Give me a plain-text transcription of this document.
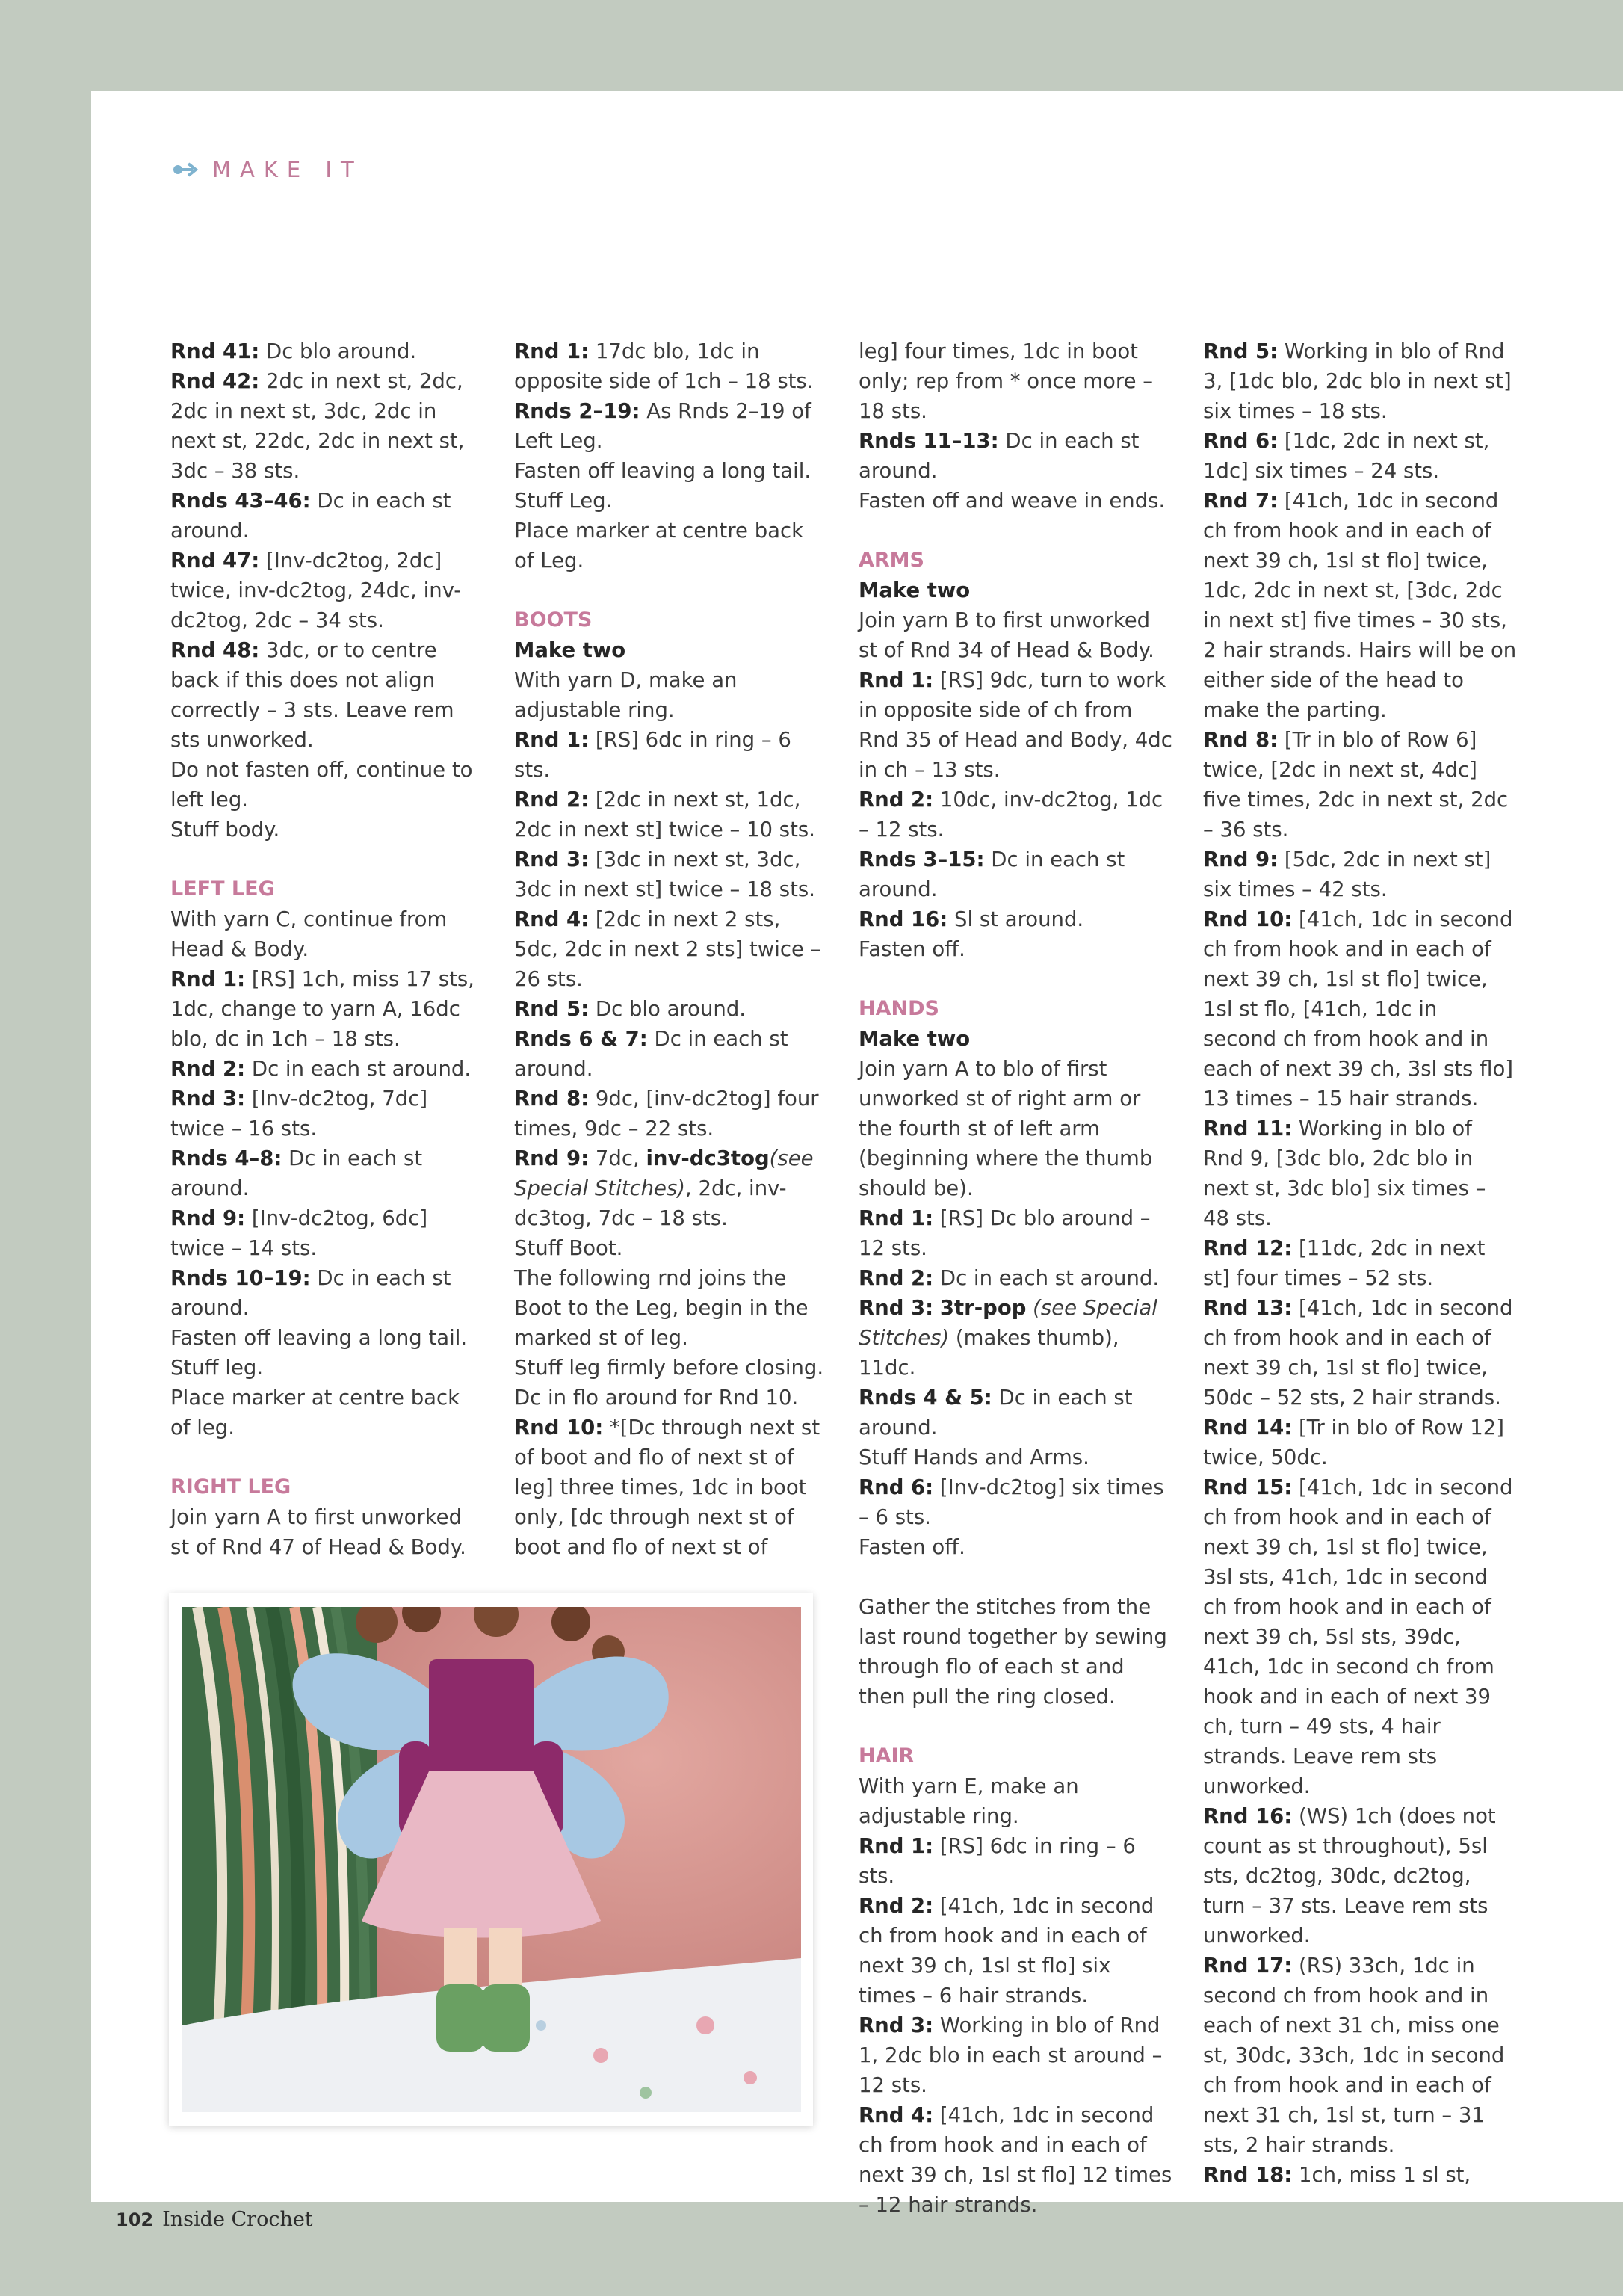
MAKE IT

Rnd 41: Dc blo around.

Rnd 42: 2dc in next st, 2dc, 2dc in next st, 3dc, 2dc in next st, 22dc, 2dc in next st, 3dc – 38 sts.

Rnds 43–46: Dc in each st around.

Rnd 47: [Inv-dc2tog, 2dc] twice, inv-dc2tog, 24dc, inv-dc2tog, 2dc – 34 sts.

Rnd 48: 3dc, or to centre back if this does not align correctly – 3 sts. Leave rem sts unworked.

Do not fasten off, continue to left leg.

Stuff body.

LEFT LEG

With yarn C, continue from Head & Body.

Rnd 1: [RS] 1ch, miss 17 sts, 1dc, change to yarn A, 16dc blo, dc in 1ch – 18 sts.

Rnd 2: Dc in each st around.

Rnd 3: [Inv-dc2tog, 7dc] twice – 16 sts.

Rnds 4–8: Dc in each st around.

Rnd 9: [Inv-dc2tog, 6dc] twice – 14 sts.

Rnds 10–19: Dc in each st around.

Fasten off leaving a long tail.

Stuff leg.

Place marker at centre back of leg.

RIGHT LEG

Join yarn A to first unworked st of Rnd 47 of Head & Body.

Rnd 1: 17dc blo, 1dc in opposite side of 1ch – 18 sts.

Rnds 2–19: As Rnds 2–19 of Left Leg.

Fasten off leaving a long tail.

Stuff Leg.

Place marker at centre back of Leg.

BOOTS

Make two

With yarn D, make an adjustable ring.

Rnd 1: [RS] 6dc in ring – 6 sts.

Rnd 2: [2dc in next st, 1dc, 2dc in next st] twice – 10 sts.

Rnd 3: [3dc in next st, 3dc, 3dc in next st] twice – 18 sts.

Rnd 4: [2dc in next 2 sts, 5dc, 2dc in next 2 sts] twice – 26 sts.

Rnd 5: Dc blo around.

Rnds 6 & 7: Dc in each st around.

Rnd 8: 9dc, [inv-dc2tog] four times, 9dc – 22 sts.

Rnd 9: 7dc, inv-dc3tog(see Special Stitches), 2dc, inv-dc3tog, 7dc – 18 sts.

Stuff Boot.

The following rnd joins the Boot to the Leg, begin in the marked st of leg.

Stuff leg firmly before closing. Dc in flo around for Rnd 10.

Rnd 10: *[Dc through next st of boot and flo of next st of leg] three times, 1dc in boot only, [dc through next st of boot and flo of next st of

leg] four times, 1dc in boot only; rep from * once more – 18 sts.

Rnds 11–13: Dc in each st around.

Fasten off and weave in ends.

ARMS

Make two

Join yarn B to first unworked st of Rnd 34 of Head & Body.

Rnd 1: [RS] 9dc, turn to work in opposite side of ch from Rnd 35 of Head and Body, 4dc in ch – 13 sts.

Rnd 2: 10dc, inv-dc2tog, 1dc – 12 sts.

Rnds 3–15: Dc in each st around.

Rnd 16: Sl st around.

Fasten off.

HANDS

Make two

Join yarn A to blo of first unworked st of right arm or the fourth st of left arm (beginning where the thumb should be).

Rnd 1: [RS] Dc blo around – 12 sts.

Rnd 2: Dc in each st around.

Rnd 3: 3tr-pop (see Special Stitches) (makes thumb), 11dc.

Rnds 4 & 5: Dc in each st around.

Stuff Hands and Arms.

Rnd 6: [Inv-dc2tog] six times – 6 sts.

Fasten off.

Gather the stitches from the last round together by sewing through flo of each st and then pull the ring closed.

HAIR

With yarn E, make an adjustable ring.

Rnd 1: [RS] 6dc in ring – 6 sts.

Rnd 2: [41ch, 1dc in second ch from hook and in each of next 39 ch, 1sl st flo] six times – 6 hair strands.

Rnd 3: Working in blo of Rnd 1, 2dc blo in each st around – 12 sts.

Rnd 4: [41ch, 1dc in second ch from hook and in each of next 39 ch, 1sl st flo] 12 times – 12 hair strands.

Rnd 5: Working in blo of Rnd 3, [1dc blo, 2dc blo in next st] six times – 18 sts.

Rnd 6: [1dc, 2dc in next st, 1dc] six times – 24 sts.

Rnd 7: [41ch, 1dc in second ch from hook and in each of next 39 ch, 1sl st flo] twice, 1dc, 2dc in next st, [3dc, 2dc in next st] five times – 30 sts, 2 hair strands. Hairs will be on either side of the head to make the parting.

Rnd 8: [Tr in blo of Row 6] twice, [2dc in next st, 4dc] five times, 2dc in next st, 2dc – 36 sts.

Rnd 9: [5dc, 2dc in next st] six times – 42 sts.

Rnd 10: [41ch, 1dc in second ch from hook and in each of next 39 ch, 1sl st flo] twice, 1sl st flo, [41ch, 1dc in second ch from hook and in each of next 39 ch, 3sl sts flo] 13 times – 15 hair strands.

Rnd 11: Working in blo of Rnd 9, [3dc blo, 2dc blo in next st, 3dc blo] six times – 48 sts.

Rnd 12: [11dc, 2dc in next st] four times – 52 sts.

Rnd 13: [41ch, 1dc in second ch from hook and in each of next 39 ch, 1sl st flo] twice, 50dc – 52 sts, 2 hair strands.

Rnd 14: [Tr in blo of Row 12] twice, 50dc.

Rnd 15: [41ch, 1dc in second ch from hook and in each of next 39 ch, 1sl st flo] twice, 3sl sts, 41ch, 1dc in second ch from hook and in each of next 39 ch, 5sl sts, 39dc, 41ch, 1dc in second ch from hook and in each of next 39 ch, turn – 49 sts, 4 hair strands. Leave rem sts unworked.

Rnd 16: (WS) 1ch (does not count as st throughout), 5sl sts, dc2tog, 30dc, dc2tog, turn – 37 sts. Leave rem sts unworked.

Rnd 17: (RS) 33ch, 1dc in second ch from hook and in each of next 31 ch, miss one st, 30dc, 33ch, 1dc in second ch from hook and in each of next 31 ch, 1sl st, turn – 31 sts, 2 hair strands.

Rnd 18: 1ch, miss 1 sl st,

102 Inside Crochet
